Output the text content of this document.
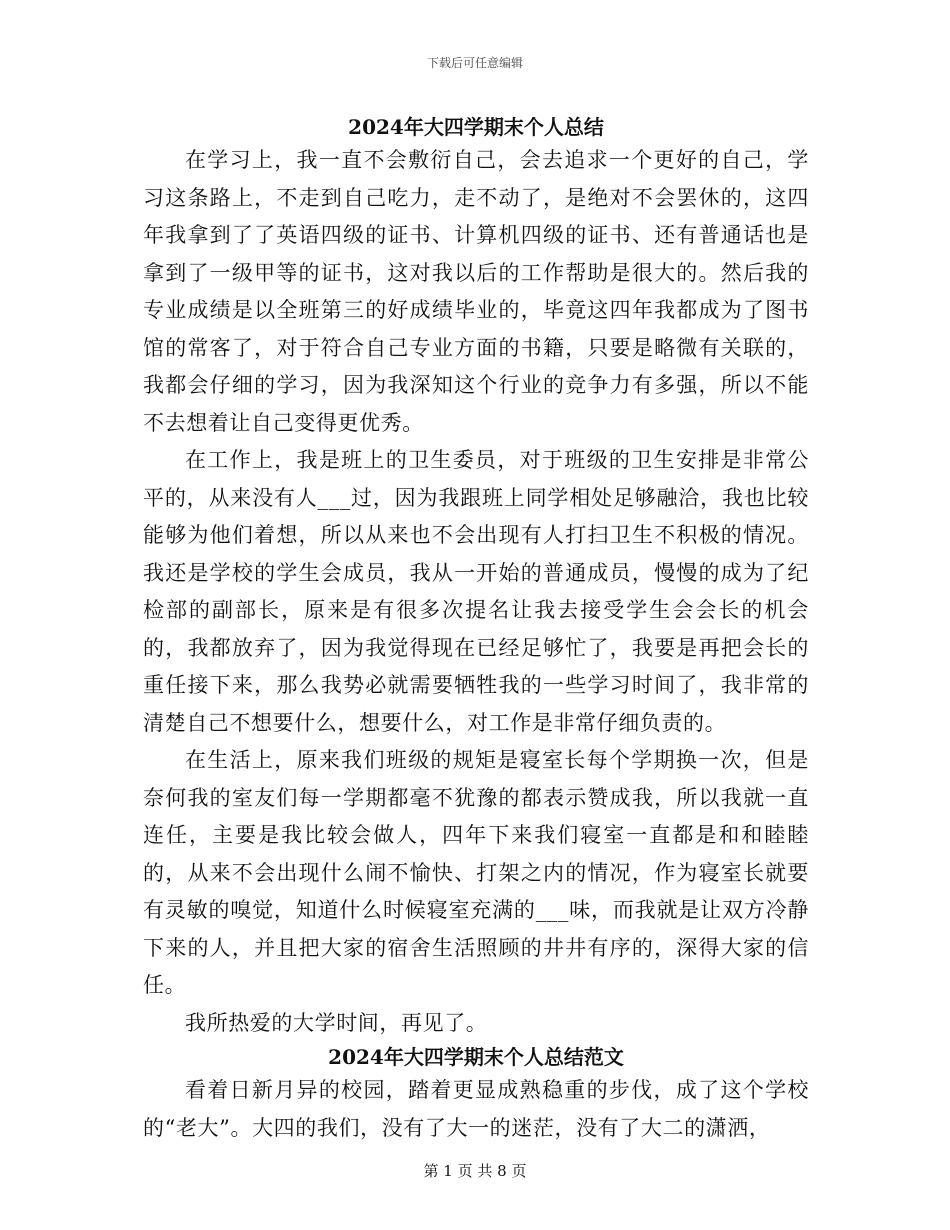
下载后可任意编辑

2024年大四学期末个人总结

在学习上，我一直不会敷衍自己，会去追求一个更好的自己，学习这条路上，不走到自己吃力，走不动了，是绝对不会罢休的，这四年我拿到了了英语四级的证书、计算机四级的证书、还有普通话也是拿到了一级甲等的证书，这对我以后的工作帮助是很大的。然后我的专业成绩是以全班第三的好成绩毕业的，毕竟这四年我都成为了图书馆的常客了，对于符合自己专业方面的书籍，只要是略微有关联的，我都会仔细的学习，因为我深知这个行业的竞争力有多强，所以不能不去想着让自己变得更优秀。

在工作上，我是班上的卫生委员，对于班级的卫生安排是非常公平的，从来没有人___过，因为我跟班上同学相处足够融洽，我也比较能够为他们着想，所以从来也不会出现有人打扫卫生不积极的情况。我还是学校的学生会成员，我从一开始的普通成员，慢慢的成为了纪检部的副部长，原来是有很多次提名让我去接受学生会会长的机会的，我都放弃了，因为我觉得现在已经足够忙了，我要是再把会长的重任接下来，那么我势必就需要牺牲我的一些学习时间了，我非常的清楚自己不想要什么，想要什么，对工作是非常仔细负责的。

在生活上，原来我们班级的规矩是寝室长每个学期换一次，但是奈何我的室友们每一学期都毫不犹豫的都表示赞成我，所以我就一直连任，主要是我比较会做人，四年下来我们寝室一直都是和和睦睦的，从来不会出现什么闹不愉快、打架之内的情况，作为寝室长就要有灵敏的嗅觉，知道什么时候寝室充满的___味，而我就是让双方冷静下来的人，并且把大家的宿舍生活照顾的井井有序的，深得大家的信任。

我所热爱的大学时间，再见了。

2024年大四学期末个人总结范文

看着日新月异的校园，踏着更显成熟稳重的步伐，成了这个学校的“老大”。大四的我们，没有了大一的迷茫，没有了大二的潇洒，

第 1 页 共 8 页
